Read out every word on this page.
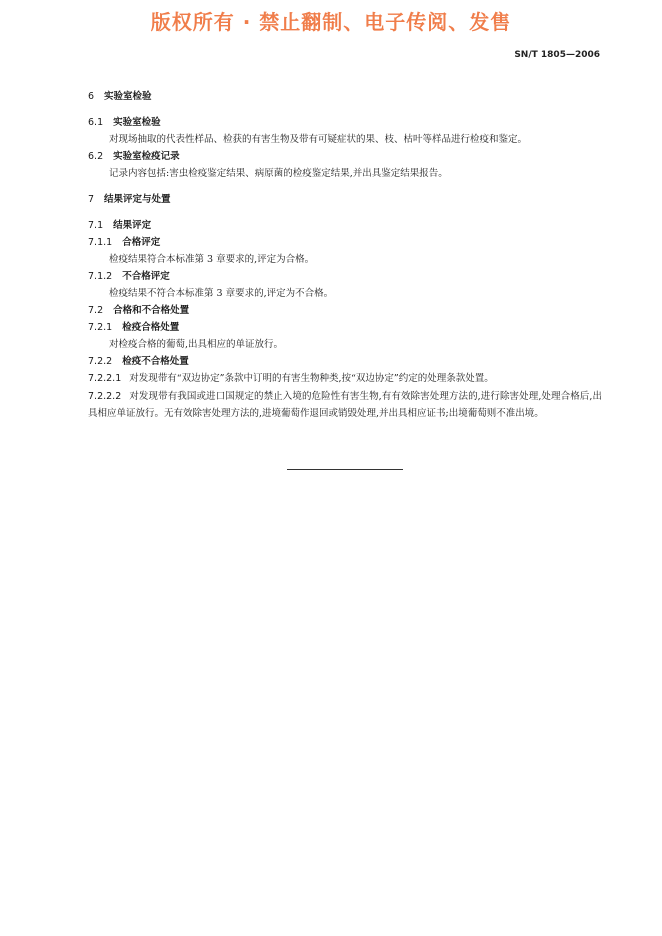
版权所有 · 禁止翻制、电子传阅、发售
SN/T 1805—2006
6 实验室检验
6.1 实验室检验
对现场抽取的代表性样品、检获的有害生物及带有可疑症状的果、枝、枯叶等样品进行检疫和鉴定。
6.2 实验室检疫记录
记录内容包括:害虫检疫鉴定结果、病原菌的检疫鉴定结果,并出具鉴定结果报告。
7 结果评定与处置
7.1 结果评定
7.1.1 合格评定
检疫结果符合本标准第 3 章要求的,评定为合格。
7.1.2 不合格评定
检疫结果不符合本标准第 3 章要求的,评定为不合格。
7.2 合格和不合格处置
7.2.1 检疫合格处置
对检疫合格的葡萄,出具相应的单证放行。
7.2.2 检疫不合格处置
7.2.2.1 对发现带有“双边协定”条款中订明的有害生物种类,按“双边协定”约定的处理条款处置。
7.2.2.2 对发现带有我国或进口国规定的禁止入境的危险性有害生物,有有效除害处理方法的,进行除害处理,处理合格后,出具相应单证放行。无有效除害处理方法的,进境葡萄作退回或销毁处理,并出具相应证书;出境葡萄则不准出境。
